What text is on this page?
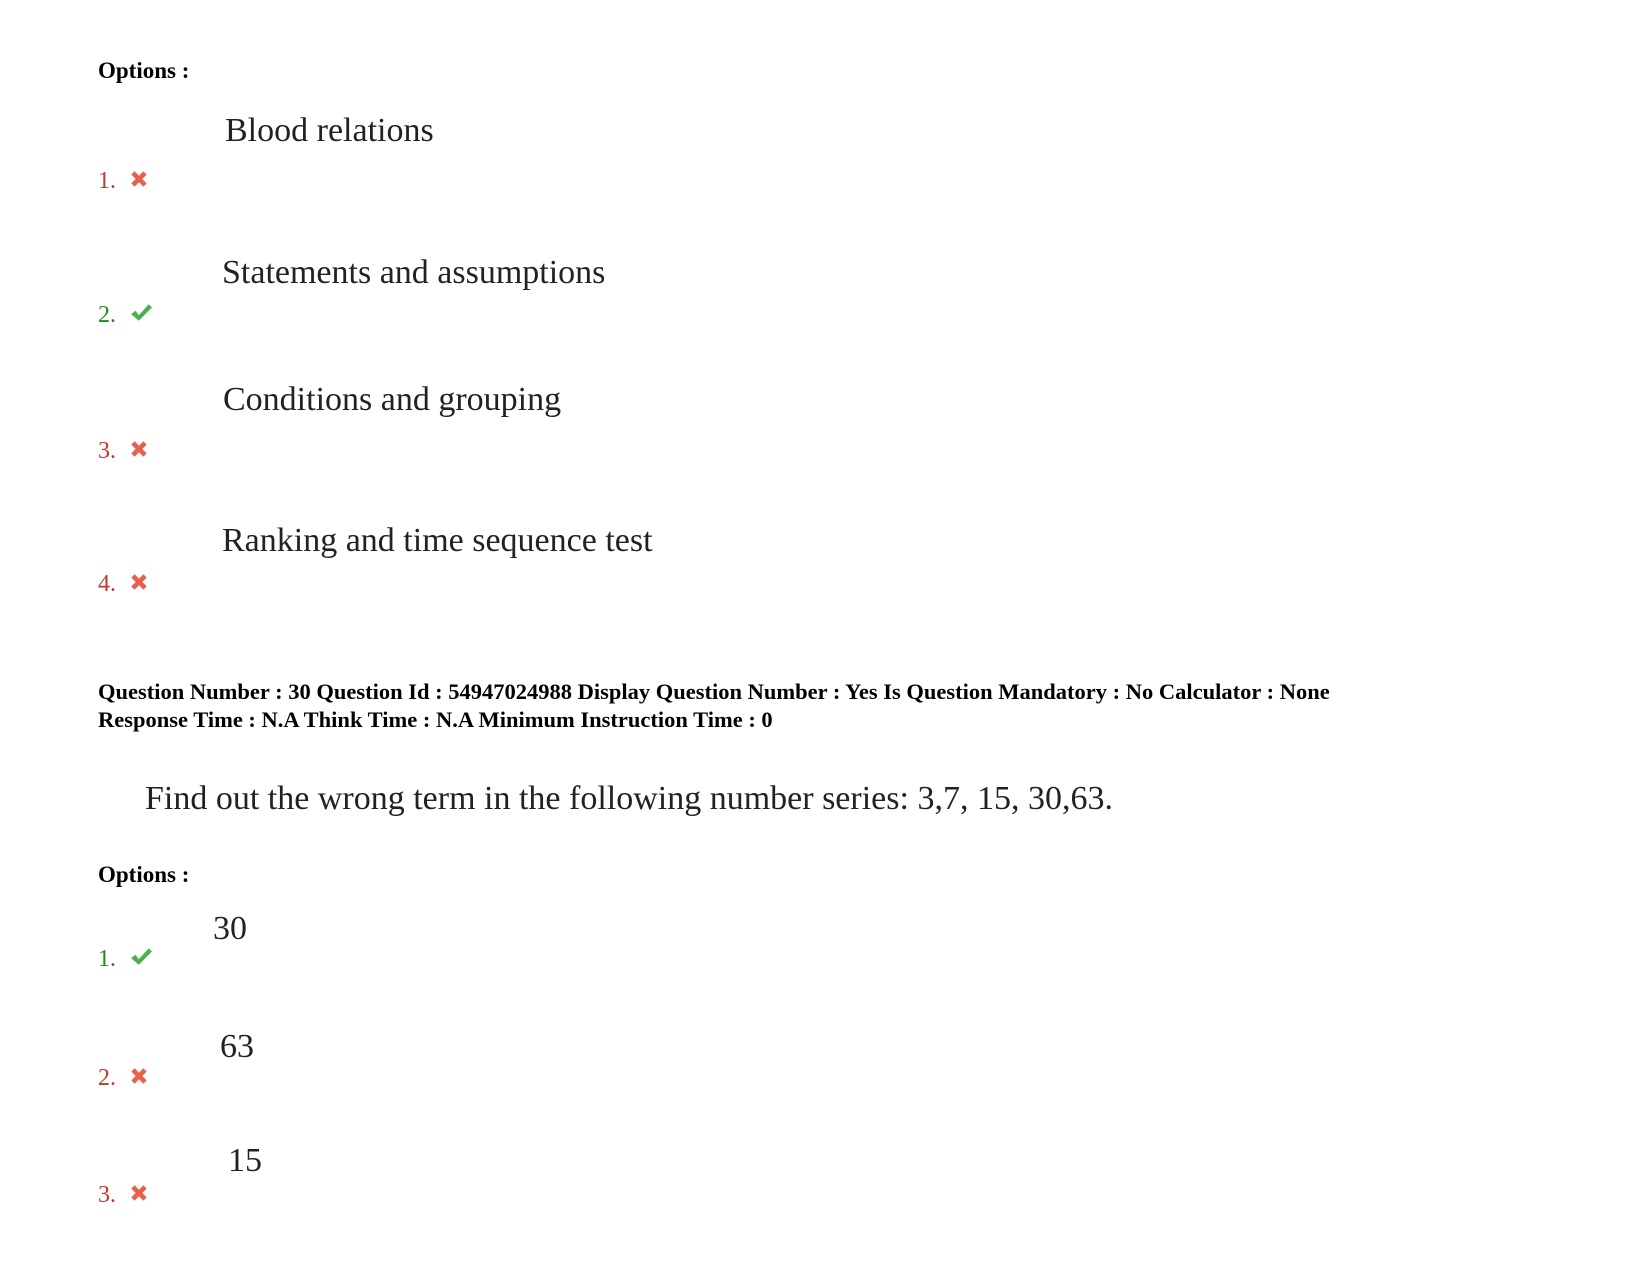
Options :
Blood relations
1.
Statements and assumptions
2.
Conditions and grouping
3.
Ranking and time sequence test
4.
Question Number : 30 Question Id : 54947024988 Display Question Number : Yes Is Question Mandatory : No Calculator : None
Response Time : N.A Think Time : N.A Minimum Instruction Time : 0
Find out the wrong term in the following number series: 3,7, 15, 30,63.
Options :
30
1.
63
2.
15
3.
